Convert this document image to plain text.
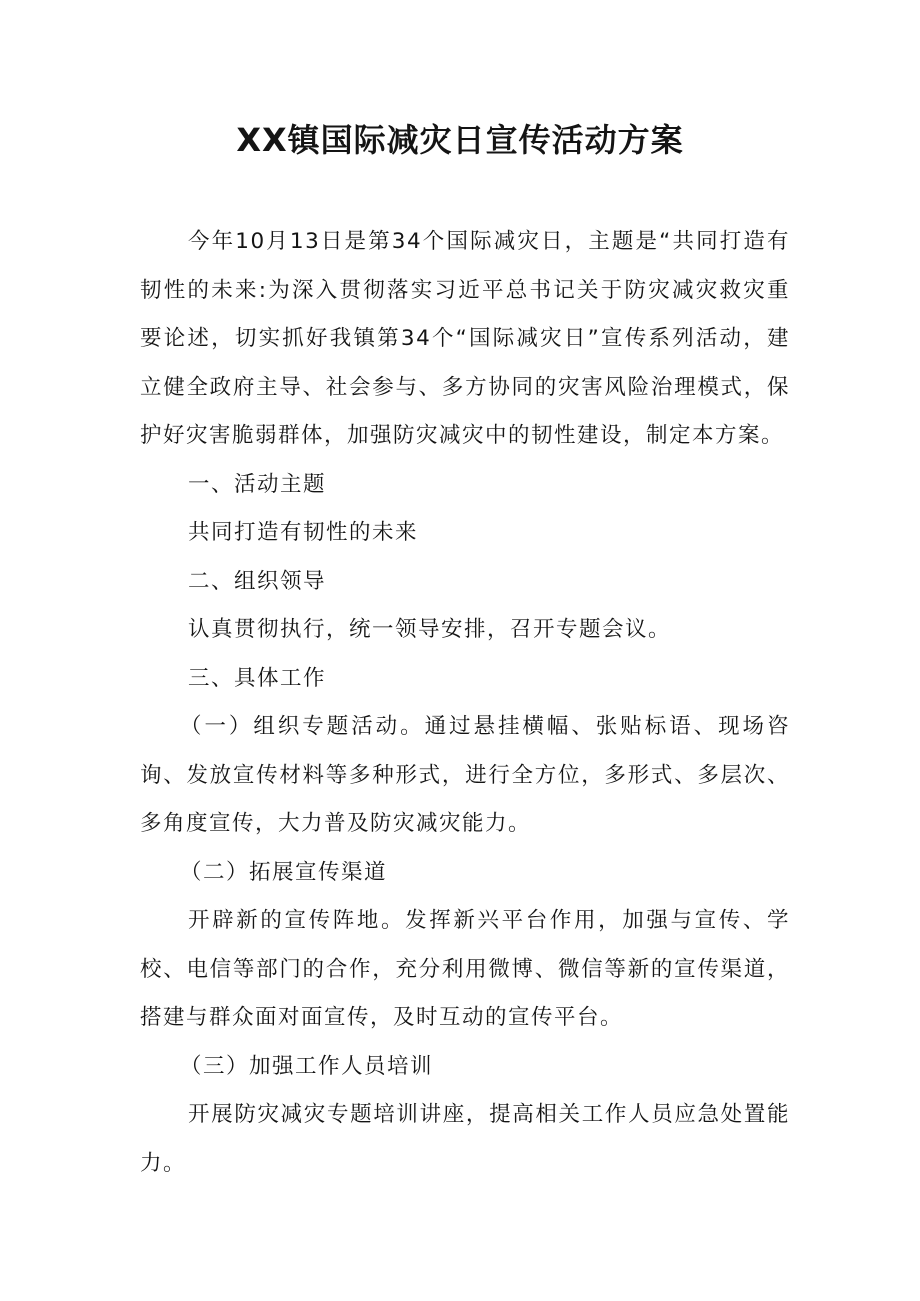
XX镇国际减灾日宣传活动方案

今年10月13日是第34个国际减灾日，主题是“共同打造有韧性的未来:为深入贯彻落实习近平总书记关于防灾减灾救灾重要论述，切实抓好我镇第34个“国际减灾日”宣传系列活动，建立健全政府主导、社会参与、多方协同的灾害风险治理模式，保护好灾害脆弱群体，加强防灾减灾中的韧性建设，制定本方案。

一、活动主题

共同打造有韧性的未来

二、组织领导

认真贯彻执行，统一领导安排，召开专题会议。

三、具体工作

（一）组织专题活动。通过悬挂横幅、张贴标语、现场咨询、发放宣传材料等多种形式，进行全方位，多形式、多层次、多角度宣传，大力普及防灾减灾能力。

（二）拓展宣传渠道

开辟新的宣传阵地。发挥新兴平台作用，加强与宣传、学校、电信等部门的合作，充分利用微博、微信等新的宣传渠道，搭建与群众面对面宣传，及时互动的宣传平台。

（三）加强工作人员培训

开展防灾减灾专题培训讲座，提高相关工作人员应急处置能力。
